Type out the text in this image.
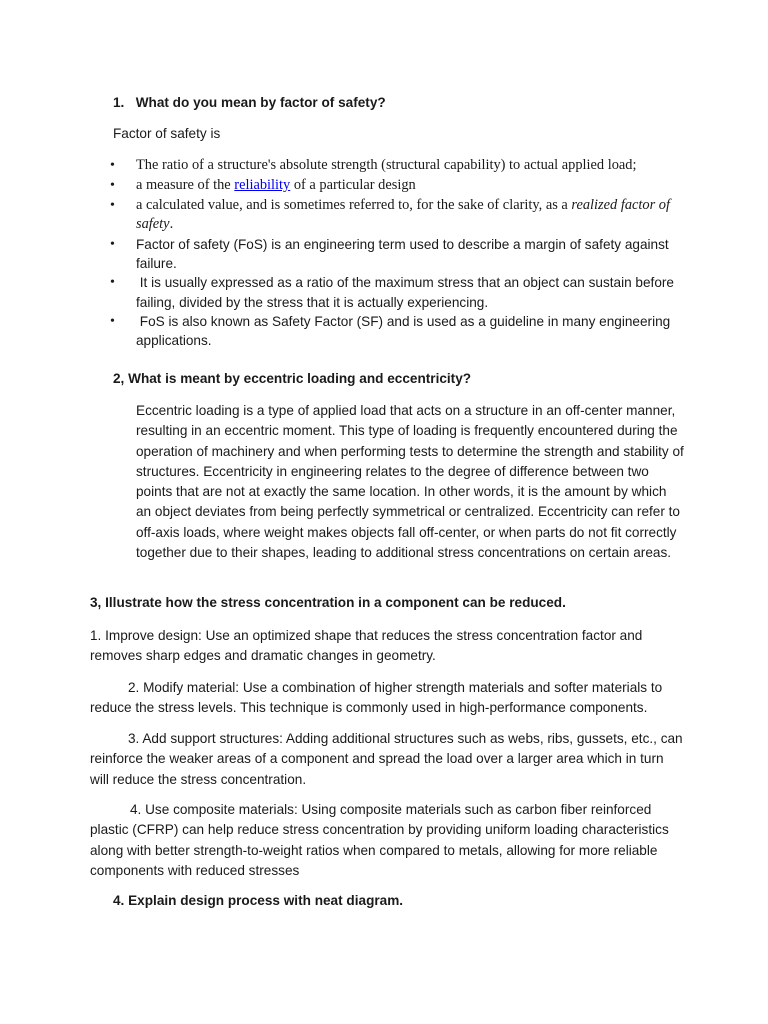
1. What do you mean by factor of safety?

Factor of safety is

• The ratio of a structure's absolute strength (structural capability) to actual applied load;
• a measure of the reliability of a particular design
• a calculated value, and is sometimes referred to, for the sake of clarity, as a realized factor of safety.
• Factor of safety (FoS) is an engineering term used to describe a margin of safety against failure.
• It is usually expressed as a ratio of the maximum stress that an object can sustain before failing, divided by the stress that it is actually experiencing.
• FoS is also known as Safety Factor (SF) and is used as a guideline in many engineering applications.

2, What is meant by eccentric loading and eccentricity?

Eccentric loading is a type of applied load that acts on a structure in an off-center manner, resulting in an eccentric moment. This type of loading is frequently encountered during the operation of machinery and when performing tests to determine the strength and stability of structures. Eccentricity in engineering relates to the degree of difference between two points that are not at exactly the same location. In other words, it is the amount by which an object deviates from being perfectly symmetrical or centralized. Eccentricity can refer to off-axis loads, where weight makes objects fall off-center, or when parts do not fit correctly together due to their shapes, leading to additional stress concentrations on certain areas.

3, Illustrate how the stress concentration in a component can be reduced.

1. Improve design: Use an optimized shape that reduces the stress concentration factor and removes sharp edges and dramatic changes in geometry.

2. Modify material: Use a combination of higher strength materials and softer materials to reduce the stress levels. This technique is commonly used in high-performance components.

3. Add support structures: Adding additional structures such as webs, ribs, gussets, etc., can reinforce the weaker areas of a component and spread the load over a larger area which in turn will reduce the stress concentration.

4. Use composite materials: Using composite materials such as carbon fiber reinforced plastic (CFRP) can help reduce stress concentration by providing uniform loading characteristics along with better strength-to-weight ratios when compared to metals, allowing for more reliable components with reduced stresses

4. Explain design process with neat diagram.
